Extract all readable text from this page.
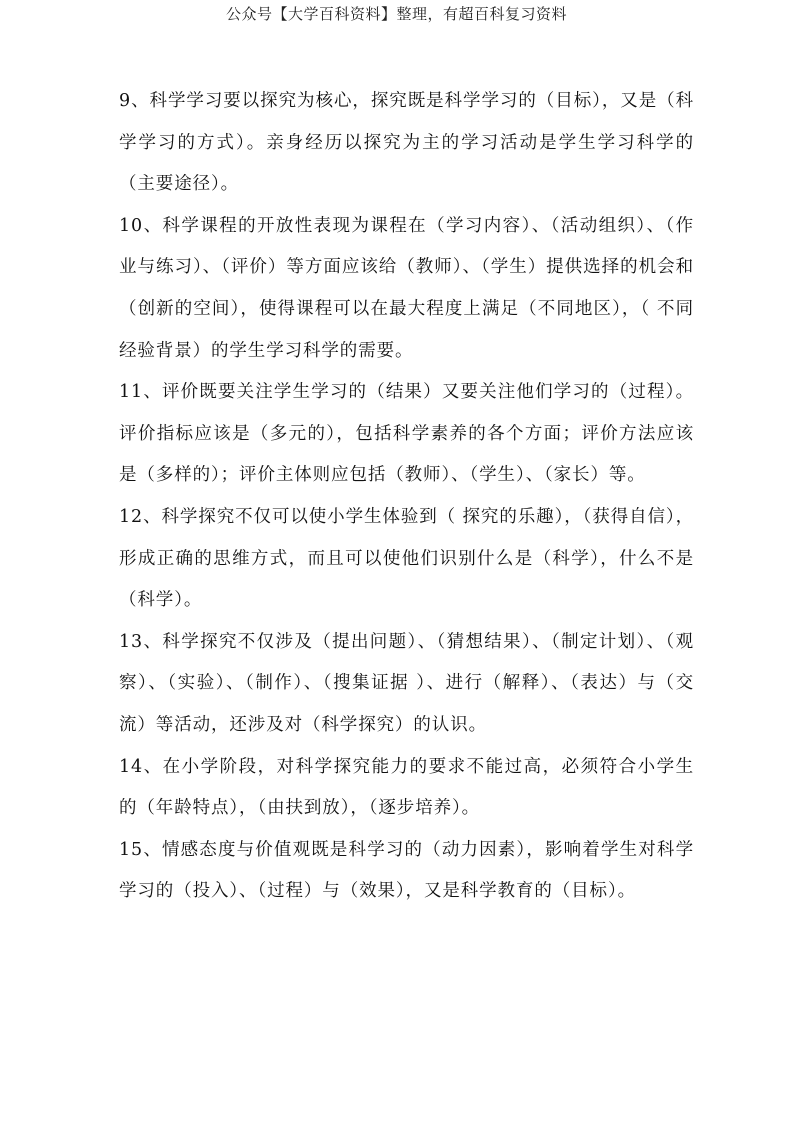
公众号【大学百科资料】整理，有超百科复习资料

9、科学学习要以探究为核心，探究既是科学学习的（目标），又是（科学学习的方式）。亲身经历以探究为主的学习活动是学生学习科学的（主要途径）。

10、科学课程的开放性表现为课程在（学习内容）、（活动组织）、（作业与练习）、（评价）等方面应该给（教师）、（学生）提供选择的机会和（创新的空间），使得课程可以在最大程度上满足（不同地区），（ 不同经验背景）的学生学习科学的需要。

11、评价既要关注学生学习的（结果）又要关注他们学习的（过程）。评价指标应该是（多元的），包括科学素养的各个方面；评价方法应该是（多样的）；评价主体则应包括（教师）、（学生）、（家长）等。

12、科学探究不仅可以使小学生体验到（ 探究的乐趣），（获得自信），形成正确的思维方式，而且可以使他们识别什么是（科学），什么不是（科学）。

13、科学探究不仅涉及（提出问题）、（猜想结果）、（制定计划）、（观察）、（实验）、（制作）、（搜集证据 ）、进行（解释）、（表达）与（交流）等活动，还涉及对（科学探究）的认识。

14、在小学阶段，对科学探究能力的要求不能过高，必须符合小学生的（年龄特点），（由扶到放），（逐步培养）。

15、情感态度与价值观既是科学习的（动力因素），影响着学生对科学学习的（投入）、（过程）与（效果），又是科学教育的（目标）。
